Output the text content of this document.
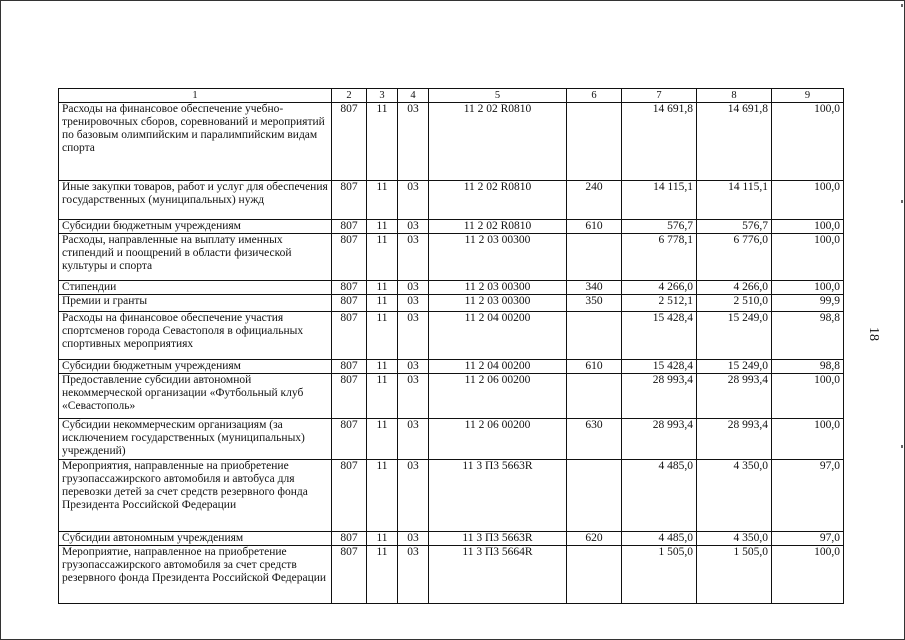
18
1	2	3	4	5	6	7	8	9
Расходы на финансовое обеспечение учебно-тренировочных сборов, соревнований и мероприятий по базовым олимпийским и паралимпийским видам спорта	807	11	03	11 2 02 R0810		14 691,8	14 691,8	100,0
Иные закупки товаров, работ и услуг для обеспечения государственных (муниципальных) нужд	807	11	03	11 2 02 R0810	240	14 115,1	14 115,1	100,0
Субсидии бюджетным учреждениям	807	11	03	11 2 02 R0810	610	576,7	576,7	100,0
Расходы, направленные на выплату именных стипендий и поощрений в области физической культуры и спорта	807	11	03	11 2 03 00300		6 778,1	6 776,0	100,0
Стипендии	807	11	03	11 2 03 00300	340	4 266,0	4 266,0	100,0
Премии и гранты	807	11	03	11 2 03 00300	350	2 512,1	2 510,0	99,9
Расходы на финансовое обеспечение участия спортсменов города Севастополя в официальных спортивных мероприятиях	807	11	03	11 2 04 00200		15 428,4	15 249,0	98,8
Субсидии бюджетным учреждениям	807	11	03	11 2 04 00200	610	15 428,4	15 249,0	98,8
Предоставление субсидии автономной некоммерческой организации «Футбольный клуб «Севастополь»	807	11	03	11 2 06 00200		28 993,4	28 993,4	100,0
Субсидии некоммерческим организациям (за исключением государственных (муниципальных) учреждений)	807	11	03	11 2 06 00200	630	28 993,4	28 993,4	100,0
Мероприятия, направленные на приобретение грузопассажирского автомобиля и автобуса для перевозки детей за счет средств резервного фонда Президента Российской Федерации	807	11	03	11 3 П3 5663R		4 485,0	4 350,0	97,0
Субсидии автономным учреждениям	807	11	03	11 3 П3 5663R	620	4 485,0	4 350,0	97,0
Мероприятие, направленное на приобретение грузопассажирского автомобиля за счет средств резервного фонда Президента Российской Федерации	807	11	03	11 3 П3 5664R		1 505,0	1 505,0	100,0
